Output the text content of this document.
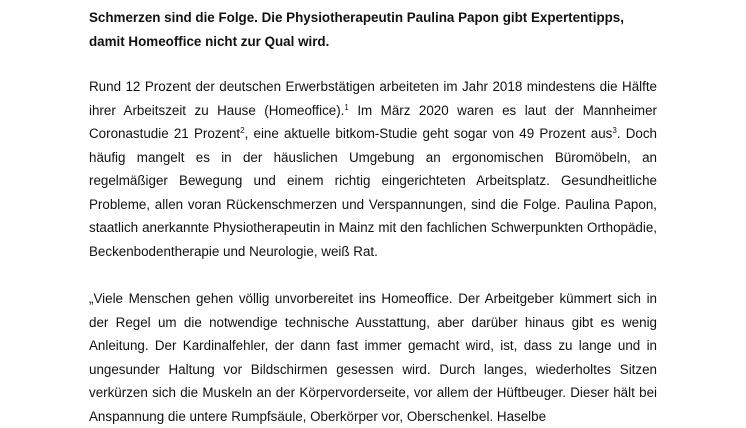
Schmerzen sind die Folge. Die Physiotherapeutin Paulina Papon gibt Expertentipps,
damit Homeoffice nicht zur Qual wird.

Rund 12 Prozent der deutschen Erwerbstätigen arbeiteten im Jahr 2018 mindestens die Hälfte ihrer Arbeitszeit zu Hause (Homeoffice).$^1$ Im März 2020 waren es laut der Mannheimer Coronastudie 21 Prozent$^2$, eine aktuelle bitkom-Studie geht sogar von 49 Prozent aus$^3$. Doch häufig mangelt es in der häuslichen Umgebung an ergonomischen Büromöbeln, an regelmäßiger Bewegung und einem richtig eingerichteten Arbeitsplatz. Gesundheitliche Probleme, allen voran Rückenschmerzen und Verspannungen, sind die Folge. Paulina Papon, staatlich anerkannte Physiotherapeutin in Mainz mit den fachlichen Schwerpunkten Orthopädie, Beckenbodentherapie und Neurologie, weiß Rat.

„Viele Menschen gehen völlig unvorbereitet ins Homeoffice. Der Arbeitgeber kümmert sich in der Regel um die notwendige technische Ausstattung, aber darüber hinaus gibt es wenig Anleitung. Der Kardinalfehler, der dann fast immer gemacht wird, ist, dass zu lange und in ungesunder Haltung vor Bildschirmen gesessen wird. Durch langes, wiederholtes Sitzen verkürzen sich die Muskeln an der Körpervorderseite, vor allem der Hüftbeuger. Dieser hält bei Anspannung die untere Rumpfsäule, Oberkörper vor, Oberschenkel. Haselbe
